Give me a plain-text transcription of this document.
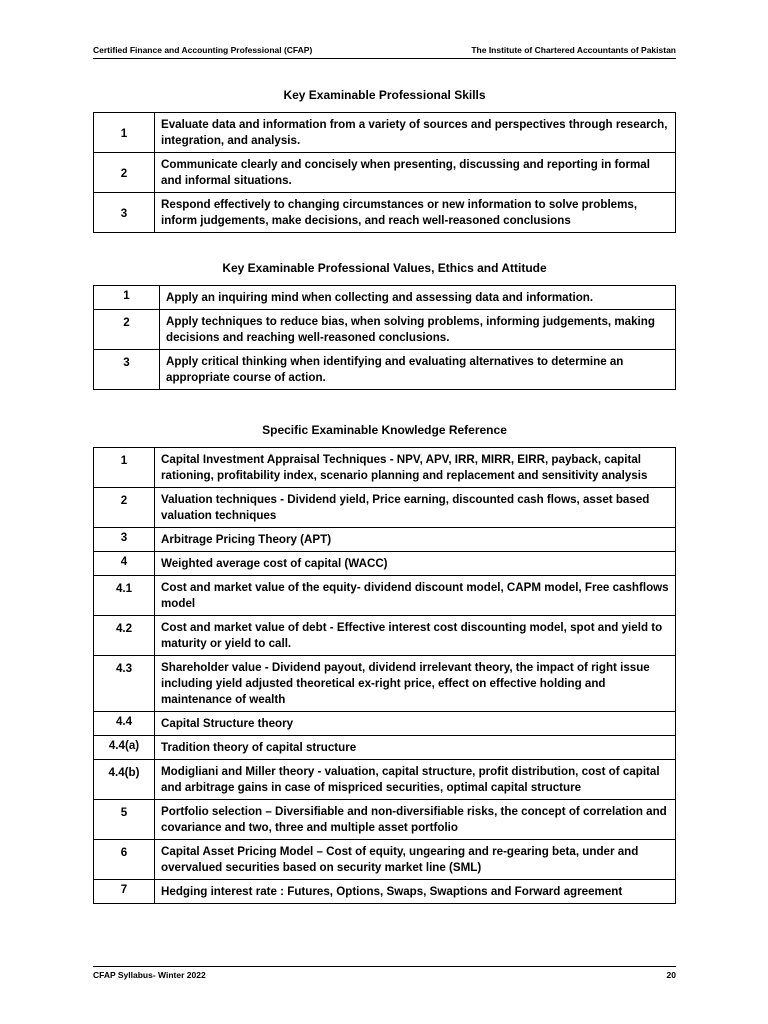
Certified Finance and Accounting Professional (CFAP)	The Institute of Chartered Accountants of Pakistan
Key Examinable Professional Skills
1	Evaluate data and information from a variety of sources and perspectives through research, integration, and analysis.
2	Communicate clearly and concisely when presenting, discussing and reporting in formal and informal situations.
3	Respond effectively to changing circumstances or new information to solve problems, inform judgements, make decisions, and reach well-reasoned conclusions
Key Examinable Professional Values, Ethics and Attitude
1	Apply an inquiring mind when collecting and assessing data and information.
2	Apply techniques to reduce bias, when solving problems, informing judgements, making decisions and reaching well-reasoned conclusions.
3	Apply critical thinking when identifying and evaluating alternatives to determine an appropriate course of action.
Specific Examinable Knowledge Reference
1	Capital Investment Appraisal Techniques - NPV, APV, IRR, MIRR, EIRR, payback, capital rationing, profitability index, scenario planning and replacement and sensitivity analysis
2	Valuation techniques - Dividend yield, Price earning, discounted cash flows, asset based valuation techniques
3	Arbitrage Pricing Theory (APT)
4	Weighted average cost of capital (WACC)
4.1	Cost and market value of the equity- dividend discount model, CAPM model, Free cashflows model
4.2	Cost and market value of debt - Effective interest cost discounting model, spot and yield to maturity or yield to call.
4.3	Shareholder value - Dividend payout, dividend irrelevant theory, the impact of right issue including yield adjusted theoretical ex-right price, effect on effective holding and maintenance of wealth
4.4	Capital Structure theory
4.4(a)	Tradition theory of capital structure
4.4(b)	Modigliani and Miller theory - valuation, capital structure, profit distribution, cost of capital and arbitrage gains in case of mispriced securities, optimal capital structure
5	Portfolio selection – Diversifiable and non-diversifiable risks, the concept of correlation and covariance and two, three and multiple asset portfolio
6	Capital Asset Pricing Model – Cost of equity, ungearing and re-gearing beta, under and overvalued securities based on security market line (SML)
7	Hedging interest rate : Futures, Options, Swaps, Swaptions and Forward agreement
CFAP Syllabus- Winter 2022	20
